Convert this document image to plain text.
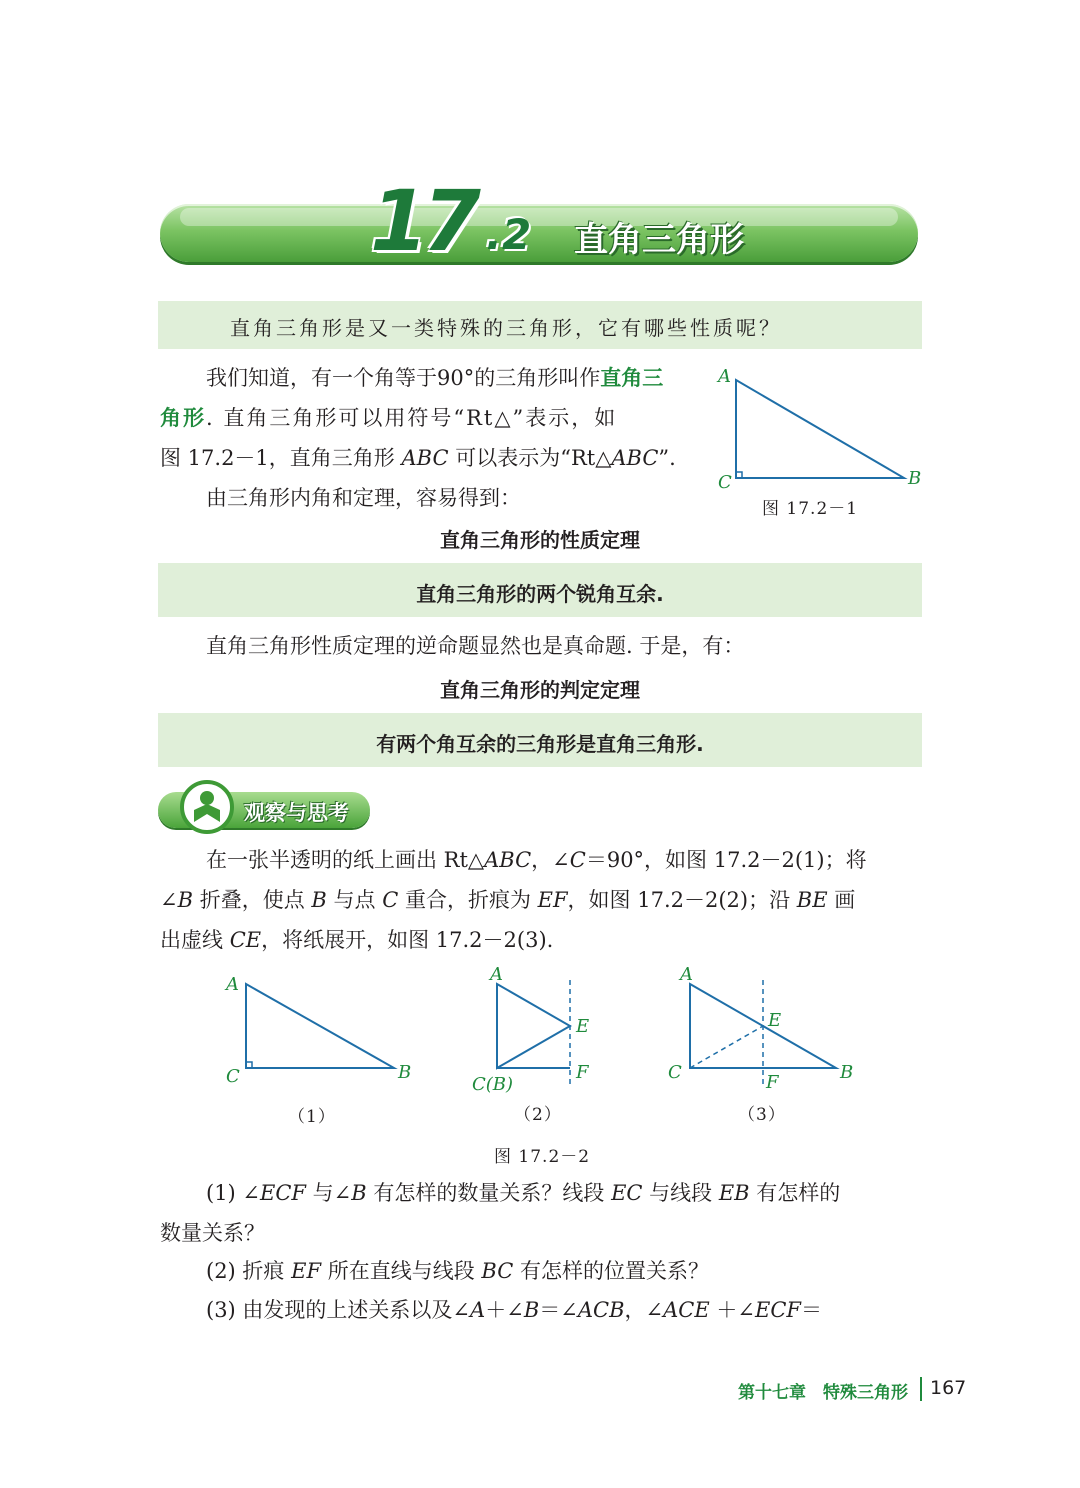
17 .2 直角三角形
直角三角形是又一类特殊的三角形，它有哪些性质呢？
我们知道，有一个角等于90°的三角形叫作直角三
角形. 直角三角形可以用符号“Rt△”表示，如
图 17.2－1，直角三角形 ABC 可以表示为“Rt△ABC”.
由三角形内角和定理，容易得到：
A
C	B
图 17.2－1
直角三角形的性质定理
直角三角形的两个锐角互余.
直角三角形性质定理的逆命题显然也是真命题. 于是，有：
直角三角形的判定定理
有两个角互余的三角形是直角三角形.
观察与思考
在一张半透明的纸上画出 Rt△ABC，∠C＝90°，如图 17.2－2(1)；将
∠B 折叠，使点 B 与点 C 重合，折痕为 EF，如图 17.2－2(2)；沿 BE 画
出虚线 CE，将纸展开，如图 17.2－2(3).
A
C	B
A
E
F
C(B)
A
E
F
C	B
（1）	（2）	（3）
图 17.2－2
(1) ∠ECF 与∠B 有怎样的数量关系？线段 EC 与线段 EB 有怎样的
数量关系？
(2) 折痕 EF 所在直线与线段 BC 有怎样的位置关系？
(3) 由发现的上述关系以及∠A＋∠B＝∠ACB，∠ACE ＋∠ECF＝
第十七章　特殊三角形 167
